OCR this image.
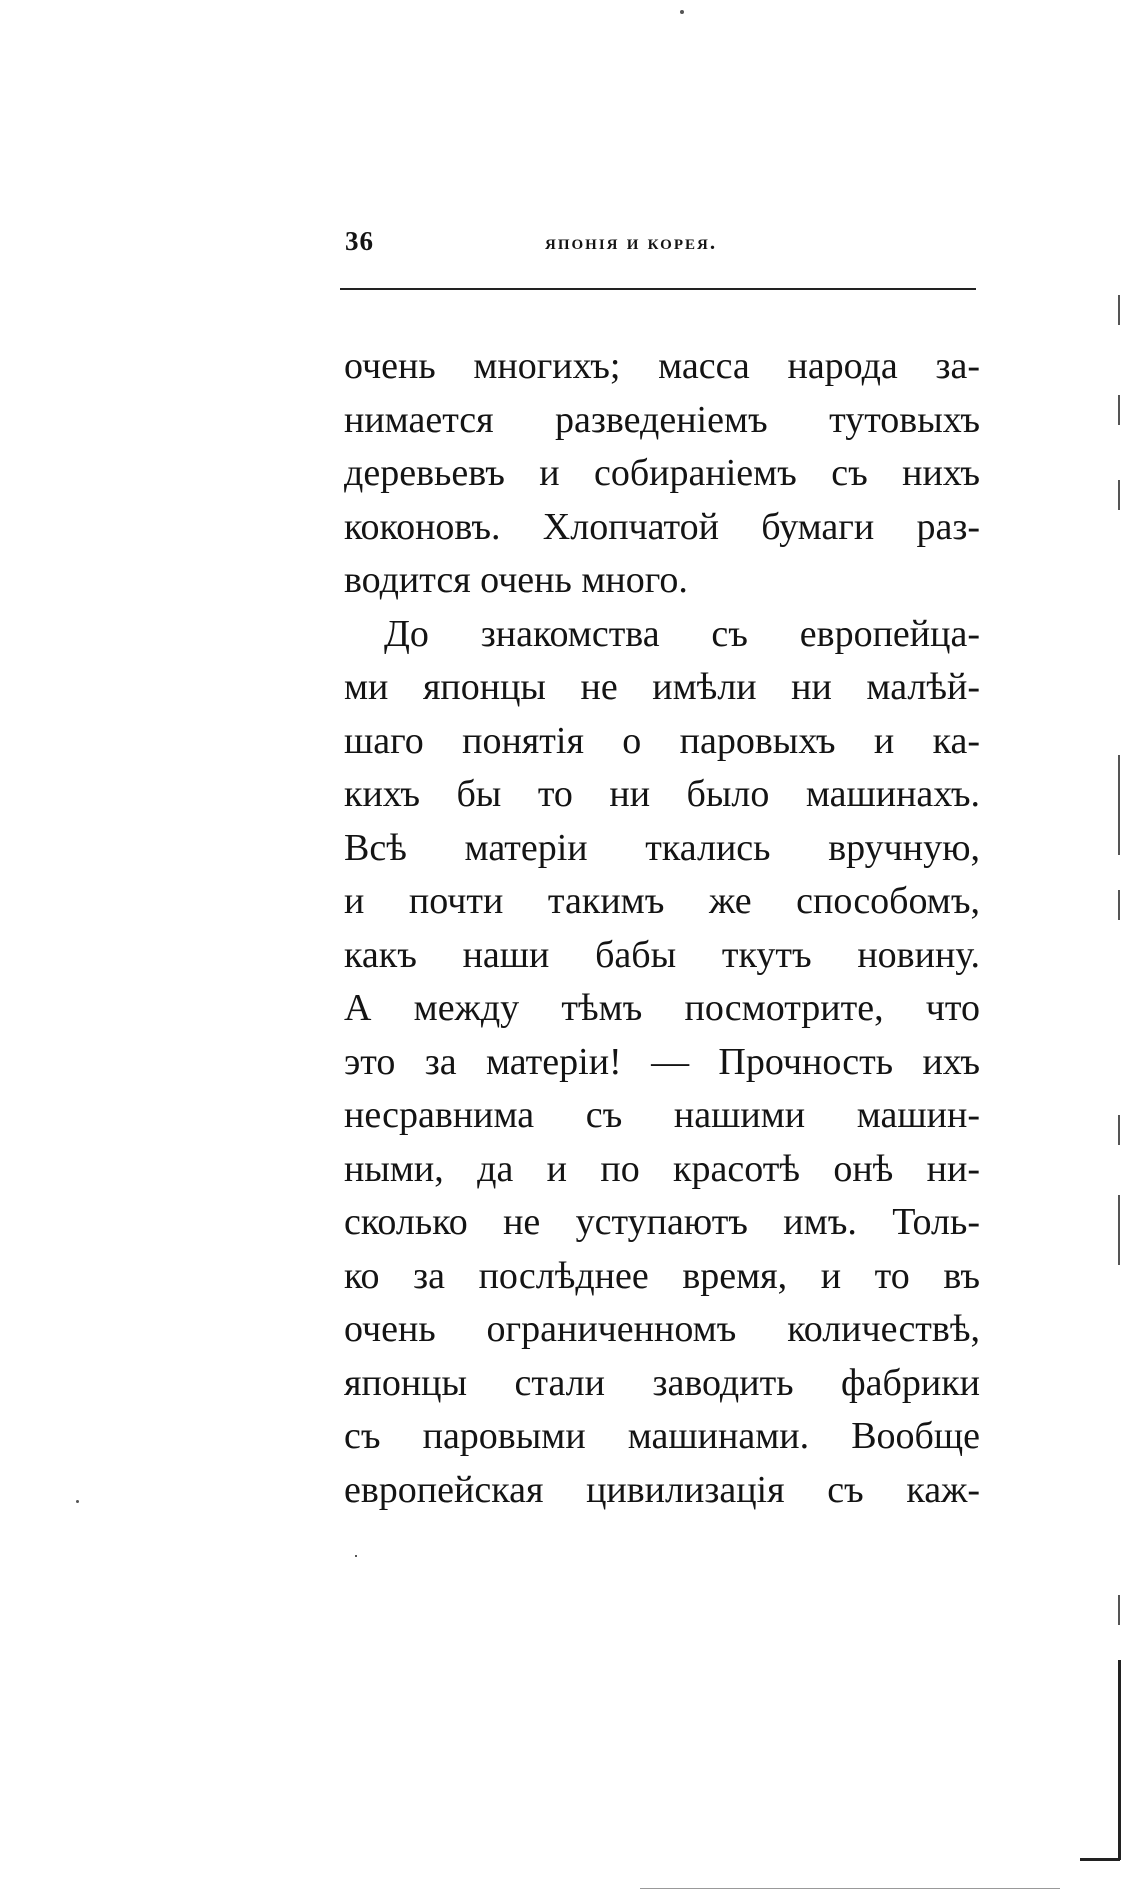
36	японія и корея.
очень многихъ; масса народа за-
нимается разведеніемъ тутовыхъ
деревьевъ и собираніемъ съ нихъ
коконовъ. Хлопчатой бумаги раз-
водится очень много.
До знакомства съ европейца-
ми японцы не имѣли ни малѣй-
шаго понятія о паровыхъ и ка-
кихъ бы то ни было машинахъ.
Всѣ матеріи ткались вручную,
и почти такимъ же способомъ,
какъ наши бабы ткутъ новину.
А между тѣмъ посмотрите, что
это за матеріи! — Прочность ихъ
несравнима съ нашими машин-
ными, да и по красотѣ онѣ ни-
сколько не уступаютъ имъ. Толь-
ко за послѣднее время, и то въ
очень ограниченномъ количествѣ,
японцы стали заводить фабрики
съ паровыми машинами. Вообще
европейская цивилизація съ каж-
